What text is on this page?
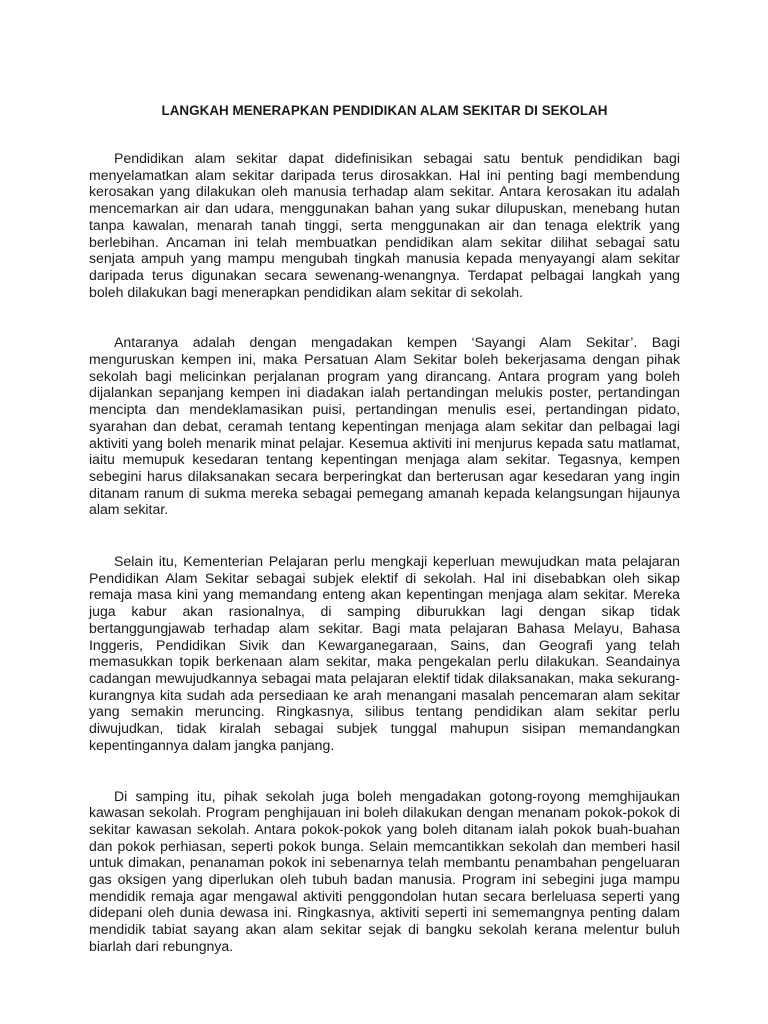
LANGKAH MENERAPKAN PENDIDIKAN ALAM SEKITAR DI SEKOLAH

Pendidikan alam sekitar dapat didefinisikan sebagai satu bentuk pendidikan bagi menyelamatkan alam sekitar daripada terus dirosakkan. Hal ini penting bagi membendung kerosakan yang dilakukan oleh manusia terhadap alam sekitar. Antara kerosakan itu adalah mencemarkan air dan udara, menggunakan bahan yang sukar dilupuskan, menebang hutan tanpa kawalan, menarah tanah tinggi, serta menggunakan air dan tenaga elektrik yang berlebihan. Ancaman ini telah membuatkan pendidikan alam sekitar dilihat sebagai satu senjata ampuh yang mampu mengubah tingkah manusia kepada menyayangi alam sekitar daripada terus digunakan secara sewenang-wenangnya. Terdapat pelbagai langkah yang boleh dilakukan bagi menerapkan pendidikan alam sekitar di sekolah.

Antaranya adalah dengan mengadakan kempen ‘Sayangi Alam Sekitar’. Bagi menguruskan kempen ini, maka Persatuan Alam Sekitar boleh bekerjasama dengan pihak sekolah bagi melicinkan perjalanan program yang dirancang. Antara program yang boleh dijalankan sepanjang kempen ini diadakan ialah pertandingan melukis poster, pertandingan mencipta dan mendeklamasikan puisi, pertandingan menulis esei, pertandingan pidato, syarahan dan debat, ceramah tentang kepentingan menjaga alam sekitar dan pelbagai lagi aktiviti yang boleh menarik minat pelajar. Kesemua aktiviti ini menjurus kepada satu matlamat, iaitu memupuk kesedaran tentang kepentingan menjaga alam sekitar. Tegasnya, kempen sebegini harus dilaksanakan secara berperingkat dan berterusan agar kesedaran yang ingin ditanam ranum di sukma mereka sebagai pemegang amanah kepada kelangsungan hijaunya alam sekitar.

Selain itu, Kementerian Pelajaran perlu mengkaji keperluan mewujudkan mata pelajaran Pendidikan Alam Sekitar sebagai subjek elektif di sekolah. Hal ini disebabkan oleh sikap remaja masa kini yang memandang enteng akan kepentingan menjaga alam sekitar. Mereka juga kabur akan rasionalnya, di samping diburukkan lagi dengan sikap tidak bertanggungjawab terhadap alam sekitar. Bagi mata pelajaran Bahasa Melayu, Bahasa Inggeris, Pendidikan Sivik dan Kewarganegaraan, Sains, dan Geografi yang telah memasukkan topik berkenaan alam sekitar, maka pengekalan perlu dilakukan. Seandainya cadangan mewujudkannya sebagai mata pelajaran elektif tidak dilaksanakan, maka sekurang-kurangnya kita sudah ada persediaan ke arah menangani masalah pencemaran alam sekitar yang semakin meruncing. Ringkasnya, silibus tentang pendidikan alam sekitar perlu diwujudkan, tidak kiralah sebagai subjek tunggal mahupun sisipan memandangkan kepentingannya dalam jangka panjang.

Di samping itu, pihak sekolah juga boleh mengadakan gotong-royong memghijaukan kawasan sekolah. Program penghijauan ini boleh dilakukan dengan menanam pokok-pokok di sekitar kawasan sekolah. Antara pokok-pokok yang boleh ditanam ialah pokok buah-buahan dan pokok perhiasan, seperti pokok bunga. Selain memcantikkan sekolah dan memberi hasil untuk dimakan, penanaman pokok ini sebenarnya telah membantu penambahan pengeluaran gas oksigen yang diperlukan oleh tubuh badan manusia. Program ini sebegini juga mampu mendidik remaja agar mengawal aktiviti penggondolan hutan secara berleluasa seperti yang didepani oleh dunia dewasa ini. Ringkasnya, aktiviti seperti ini sememangnya penting dalam mendidik tabiat sayang akan alam sekitar sejak di bangku sekolah kerana melentur buluh biarlah dari rebungnya.
